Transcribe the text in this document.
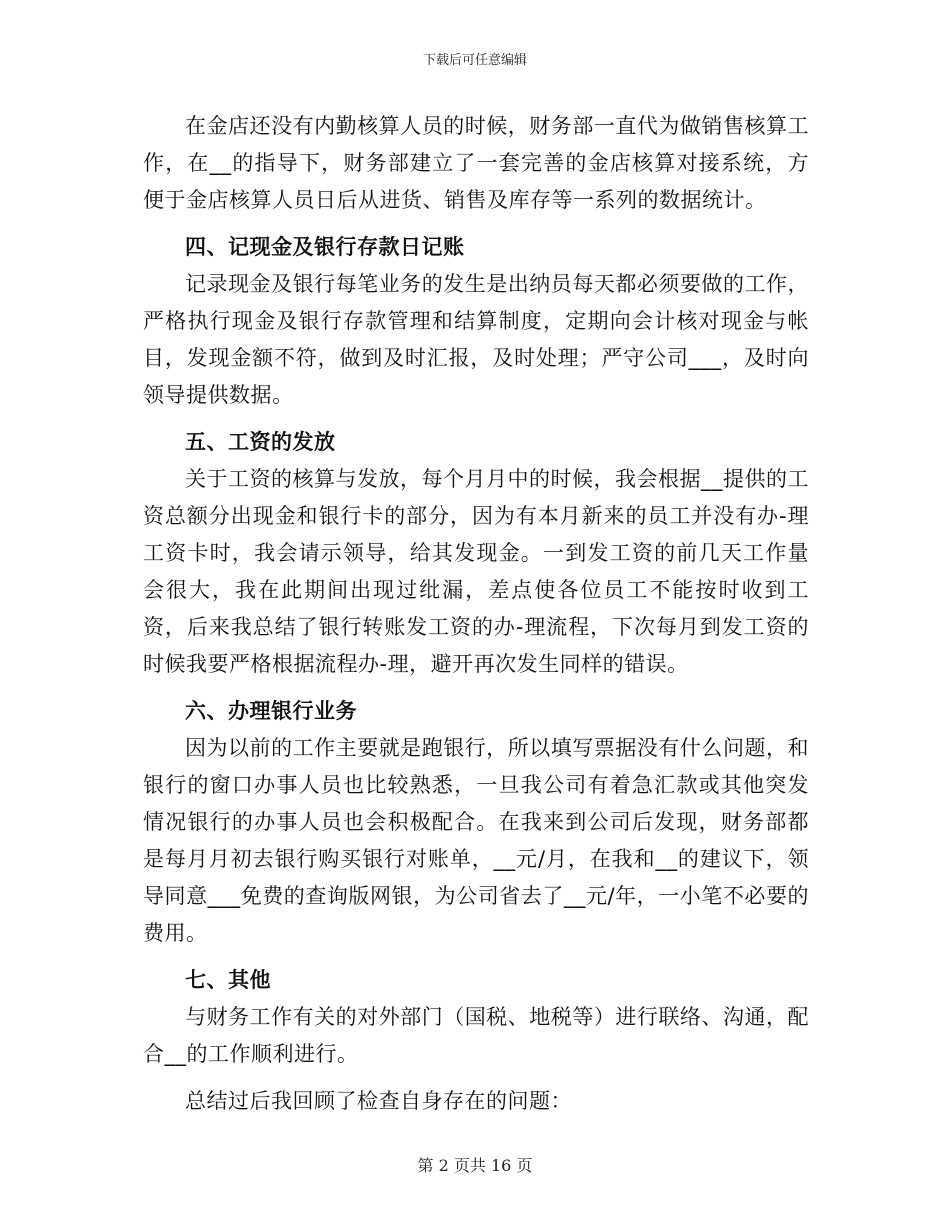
下载后可任意编辑

在金店还没有内勤核算人员的时候，财务部一直代为做销售核算工作，在__的指导下，财务部建立了一套完善的金店核算对接系统，方便于金店核算人员日后从进货、销售及库存等一系列的数据统计。

四、记现金及银行存款日记账

记录现金及银行每笔业务的发生是出纳员每天都必须要做的工作，严格执行现金及银行存款管理和结算制度，定期向会计核对现金与帐目，发现金额不符，做到及时汇报，及时处理；严守公司___，及时向领导提供数据。

五、工资的发放

关于工资的核算与发放，每个月月中的时候，我会根据__提供的工资总额分出现金和银行卡的部分，因为有本月新来的员工并没有办-理工资卡时，我会请示领导，给其发现金。一到发工资的前几天工作量会很大，我在此期间出现过纰漏，差点使各位员工不能按时收到工资，后来我总结了银行转账发工资的办-理流程，下次每月到发工资的时候我要严格根据流程办-理，避开再次发生同样的错误。

六、办理银行业务

因为以前的工作主要就是跑银行，所以填写票据没有什么问题，和银行的窗口办事人员也比较熟悉，一旦我公司有着急汇款或其他突发情况银行的办事人员也会积极配合。在我来到公司后发现，财务部都是每月月初去银行购买银行对账单，__元/月，在我和__的建议下，领导同意___免费的查询版网银，为公司省去了__元/年，一小笔不必要的费用。

七、其他

与财务工作有关的对外部门（国税、地税等）进行联络、沟通，配合__的工作顺利进行。

总结过后我回顾了检查自身存在的问题：

第 2 页共 16 页
